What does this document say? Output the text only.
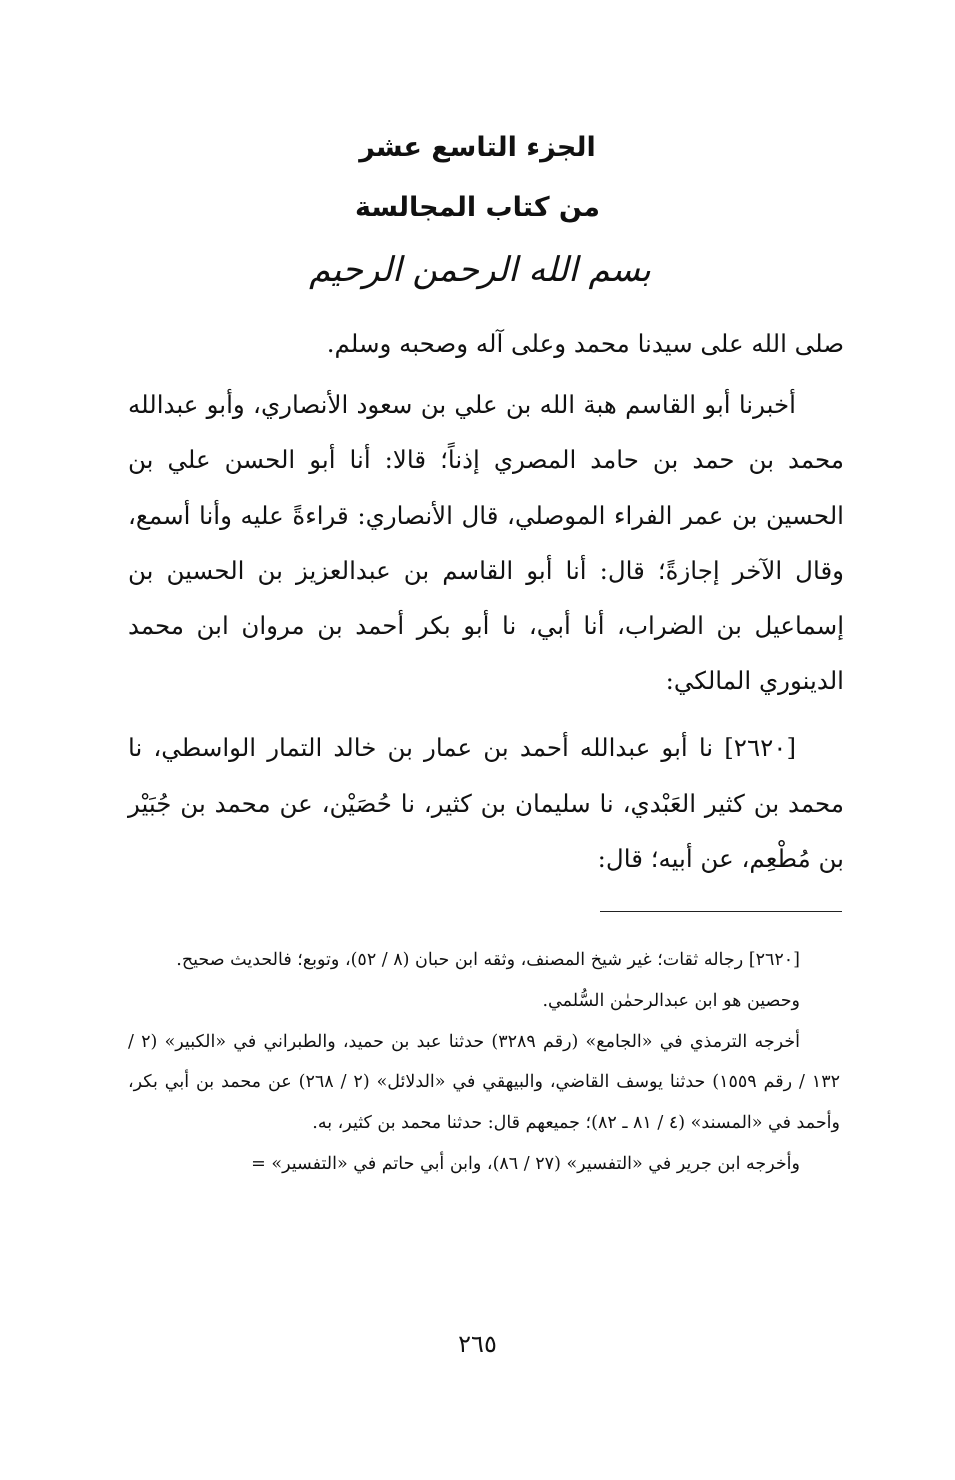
الجزء التاسع عشر

من كتاب المجالسة

بسم الله الرحمن الرحيم

صلى الله على سيدنا محمد وعلى آله وصحبه وسلم.

أخبرنا أبو القاسم هبة الله بن علي بن سعود الأنصاري، وأبو عبدالله محمد بن حمد بن حامد المصري إذناً؛ قالا: أنا أبو الحسن علي بن الحسين بن عمر الفراء الموصلي، قال الأنصاري: قراءةً عليه وأنا أسمع، وقال الآخر إجازةً؛ قال: أنا أبو القاسم بن عبدالعزيز بن الحسين بن إسماعيل بن الضراب، أنا أبي، نا أبو بكر أحمد بن مروان ابن محمد الدينوري المالكي:

[٢٦٢٠] نا أبو عبدالله أحمد بن عمار بن خالد التمار الواسطي، نا محمد بن كثير العَبْدي، نا سليمان بن كثير، نا حُصَيْن، عن محمد بن جُبَيْر بن مُطْعِم، عن أبيه؛ قال:

[٢٦٢٠] رجاله ثقات؛ غير شيخ المصنف، وثقه ابن حبان (٨ / ٥٢)، وتوبع؛ فالحديث صحيح.

وحصين هو ابن عبدالرحمٰن السُّلمي.

أخرجه الترمذي في «الجامع» (رقم ٣٢٨٩) حدثنا عبد بن حميد، والطبراني في «الكبير» (٢ / ١٣٢ / رقم ١٥٥٩) حدثنا يوسف القاضي، والبيهقي في «الدلائل» (٢ / ٢٦٨) عن محمد بن أبي بكر، وأحمد في «المسند» (٤ / ٨١ ـ ٨٢)؛ جميعهم قال: حدثنا محمد بن كثير، به.

وأخرجه ابن جرير في «التفسير» (٢٧ / ٨٦)، وابن أبي حاتم في «التفسير» =

٢٦٥
